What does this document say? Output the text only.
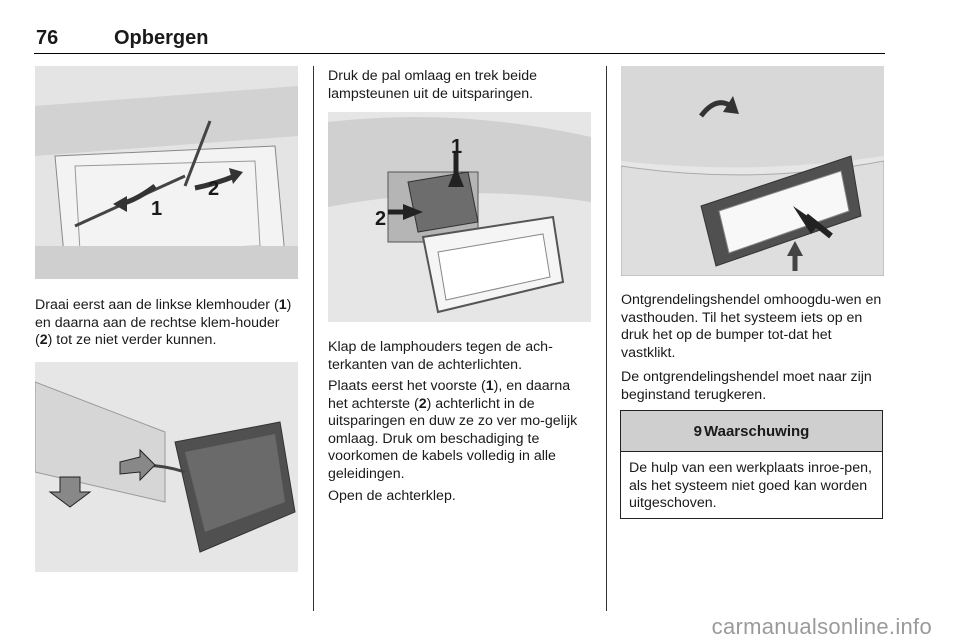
76	Opbergen
1
2

Draai eerst aan de linkse klemhouder (1) en daarna aan de rechtse klem-houder (2) tot ze niet verder kunnen.

Druk de pal omlaag en trek beide lampsteunen uit de uitsparingen.

1
2

Klap de lamphouders tegen de ach-terkanten van de achterlichten.

Plaats eerst het voorste (1), en daarna het achterste (2) achterlicht in de uitsparingen en duw ze zo ver mo-gelijk omlaag. Druk om beschadiging te voorkomen de kabels volledig in alle geleidingen.

Open de achterklep.

Ontgrendelingshendel omhoogdu-wen en vasthouden. Til het systeem iets op en druk het op de bumper tot-dat het vastklikt.

De ontgrendelingshendel moet naar zijn beginstand terugkeren.

9 Waarschuwing
De hulp van een werkplaats inroe-pen, als het systeem niet goed kan worden uitgeschoven.
carmanualsonline.info
